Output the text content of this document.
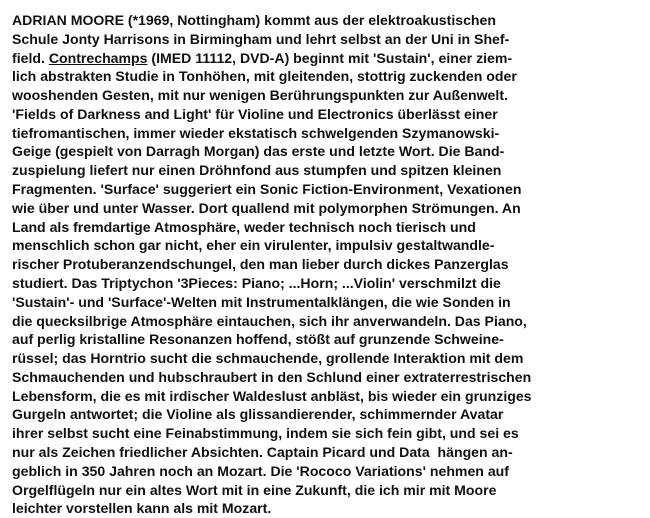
ADRIAN MOORE (*1969, Nottingham) kommt aus der elektroakustischen
Schule Jonty Harrisons in Birmingham und lehrt selbst an der Uni in Shef-
field. Contrechamps (IMED 11112, DVD-A) beginnt mit 'Sustain', einer ziem-
lich abstrakten Studie in Tonhöhen, mit gleitenden, stottrig zuckenden oder
wooshenden Gesten, mit nur wenigen Berührungspunkten zur Außenwelt.
'Fields of Darkness and Light' für Violine und Electronics überlässt einer
tiefromantischen, immer wieder ekstatisch schwelgenden Szymanowski-
Geige (gespielt von Darragh Morgan) das erste und letzte Wort. Die Band-
zuspielung liefert nur einen Dröhnfond aus stumpfen und spitzen kleinen
Fragmenten. 'Surface' suggeriert ein Sonic Fiction-Environment, Vexationen
wie über und unter Wasser. Dort quallend mit polymorphen Strömungen. An
Land als fremdartige Atmosphäre, weder technisch noch tierisch und
menschlich schon gar nicht, eher ein virulenter, impulsiv gestaltwandle-
rischer Protuberanzendschungel, den man lieber durch dickes Panzerglas
studiert. Das Triptychon '3Pieces: Piano; ...Horn; ...Violin' verschmilzt die
'Sustain'- und 'Surface'-Welten mit Instrumentalklängen, die wie Sonden in
die quecksilbrige Atmosphäre eintauchen, sich ihr anverwandeln. Das Piano,
auf perlig kristalline Resonanzen hoffend, stößt auf grunzende Schweine-
rüssel; das Horntrio sucht die schmauchende, grollende Interaktion mit dem
Schmauchenden und hubschraubert in den Schlund einer extraterrestrischen
Lebensform, die es mit irdischer Waldeslust anbläst, bis wieder ein grunziges
Gurgeln antwortet; die Violine als glissandierender, schimmernder Avatar
ihrer selbst sucht eine Feinabstimmung, indem sie sich fein gibt, und sei es
nur als Zeichen friedlicher Absichten. Captain Picard und Data  hängen an-
geblich in 350 Jahren noch an Mozart. Die 'Rococo Variations' nehmen auf
Orgelflügeln nur ein altes Wort mit in eine Zukunft, die ich mir mit Moore
leichter vorstellen kann als mit Mozart.
